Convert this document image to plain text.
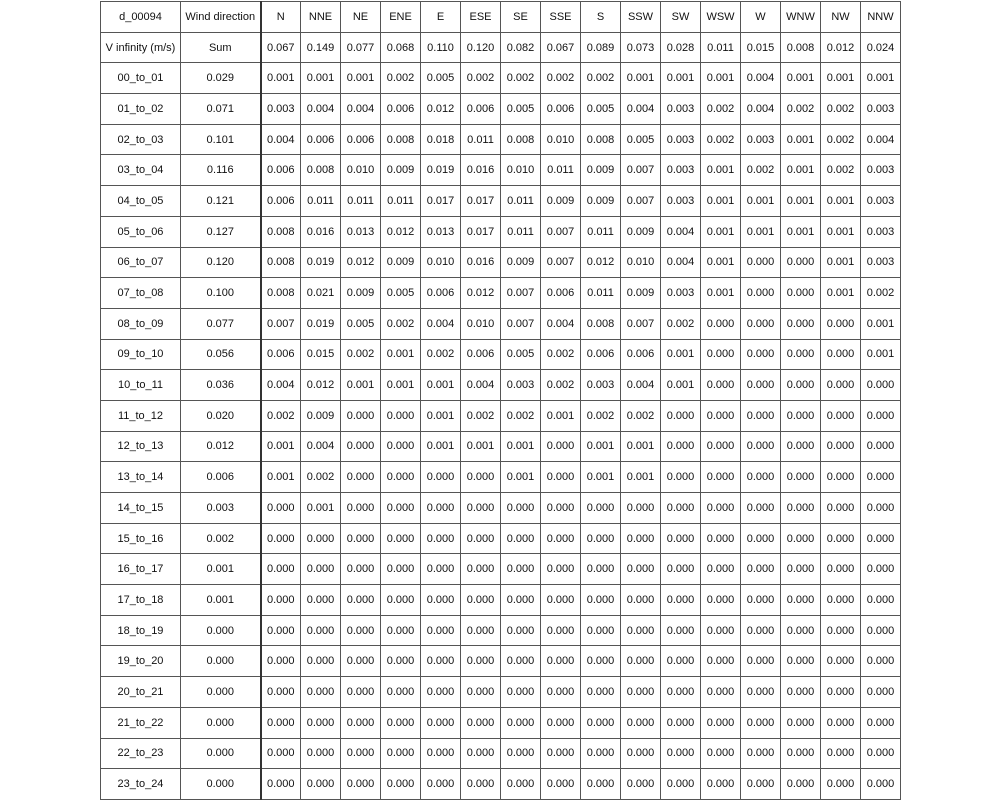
d_00094	Wind direction	N	NNE	NE	ENE	E	ESE	SE	SSE	S	SSW	SW	WSW	W	WNW	NW	NNW
V infinity (m/s)	Sum	0.067	0.149	0.077	0.068	0.110	0.120	0.082	0.067	0.089	0.073	0.028	0.011	0.015	0.008	0.012	0.024
00_to_01	0.029	0.001	0.001	0.001	0.002	0.005	0.002	0.002	0.002	0.002	0.001	0.001	0.001	0.004	0.001	0.001	0.001
01_to_02	0.071	0.003	0.004	0.004	0.006	0.012	0.006	0.005	0.006	0.005	0.004	0.003	0.002	0.004	0.002	0.002	0.003
02_to_03	0.101	0.004	0.006	0.006	0.008	0.018	0.011	0.008	0.010	0.008	0.005	0.003	0.002	0.003	0.001	0.002	0.004
03_to_04	0.116	0.006	0.008	0.010	0.009	0.019	0.016	0.010	0.011	0.009	0.007	0.003	0.001	0.002	0.001	0.002	0.003
04_to_05	0.121	0.006	0.011	0.011	0.011	0.017	0.017	0.011	0.009	0.009	0.007	0.003	0.001	0.001	0.001	0.001	0.003
05_to_06	0.127	0.008	0.016	0.013	0.012	0.013	0.017	0.011	0.007	0.011	0.009	0.004	0.001	0.001	0.001	0.001	0.003
06_to_07	0.120	0.008	0.019	0.012	0.009	0.010	0.016	0.009	0.007	0.012	0.010	0.004	0.001	0.000	0.000	0.001	0.003
07_to_08	0.100	0.008	0.021	0.009	0.005	0.006	0.012	0.007	0.006	0.011	0.009	0.003	0.001	0.000	0.000	0.001	0.002
08_to_09	0.077	0.007	0.019	0.005	0.002	0.004	0.010	0.007	0.004	0.008	0.007	0.002	0.000	0.000	0.000	0.000	0.001
09_to_10	0.056	0.006	0.015	0.002	0.001	0.002	0.006	0.005	0.002	0.006	0.006	0.001	0.000	0.000	0.000	0.000	0.001
10_to_11	0.036	0.004	0.012	0.001	0.001	0.001	0.004	0.003	0.002	0.003	0.004	0.001	0.000	0.000	0.000	0.000	0.000
11_to_12	0.020	0.002	0.009	0.000	0.000	0.001	0.002	0.002	0.001	0.002	0.002	0.000	0.000	0.000	0.000	0.000	0.000
12_to_13	0.012	0.001	0.004	0.000	0.000	0.001	0.001	0.001	0.000	0.001	0.001	0.000	0.000	0.000	0.000	0.000	0.000
13_to_14	0.006	0.001	0.002	0.000	0.000	0.000	0.000	0.001	0.000	0.001	0.001	0.000	0.000	0.000	0.000	0.000	0.000
14_to_15	0.003	0.000	0.001	0.000	0.000	0.000	0.000	0.000	0.000	0.000	0.000	0.000	0.000	0.000	0.000	0.000	0.000
15_to_16	0.002	0.000	0.000	0.000	0.000	0.000	0.000	0.000	0.000	0.000	0.000	0.000	0.000	0.000	0.000	0.000	0.000
16_to_17	0.001	0.000	0.000	0.000	0.000	0.000	0.000	0.000	0.000	0.000	0.000	0.000	0.000	0.000	0.000	0.000	0.000
17_to_18	0.001	0.000	0.000	0.000	0.000	0.000	0.000	0.000	0.000	0.000	0.000	0.000	0.000	0.000	0.000	0.000	0.000
18_to_19	0.000	0.000	0.000	0.000	0.000	0.000	0.000	0.000	0.000	0.000	0.000	0.000	0.000	0.000	0.000	0.000	0.000
19_to_20	0.000	0.000	0.000	0.000	0.000	0.000	0.000	0.000	0.000	0.000	0.000	0.000	0.000	0.000	0.000	0.000	0.000
20_to_21	0.000	0.000	0.000	0.000	0.000	0.000	0.000	0.000	0.000	0.000	0.000	0.000	0.000	0.000	0.000	0.000	0.000
21_to_22	0.000	0.000	0.000	0.000	0.000	0.000	0.000	0.000	0.000	0.000	0.000	0.000	0.000	0.000	0.000	0.000	0.000
22_to_23	0.000	0.000	0.000	0.000	0.000	0.000	0.000	0.000	0.000	0.000	0.000	0.000	0.000	0.000	0.000	0.000	0.000
23_to_24	0.000	0.000	0.000	0.000	0.000	0.000	0.000	0.000	0.000	0.000	0.000	0.000	0.000	0.000	0.000	0.000	0.000
